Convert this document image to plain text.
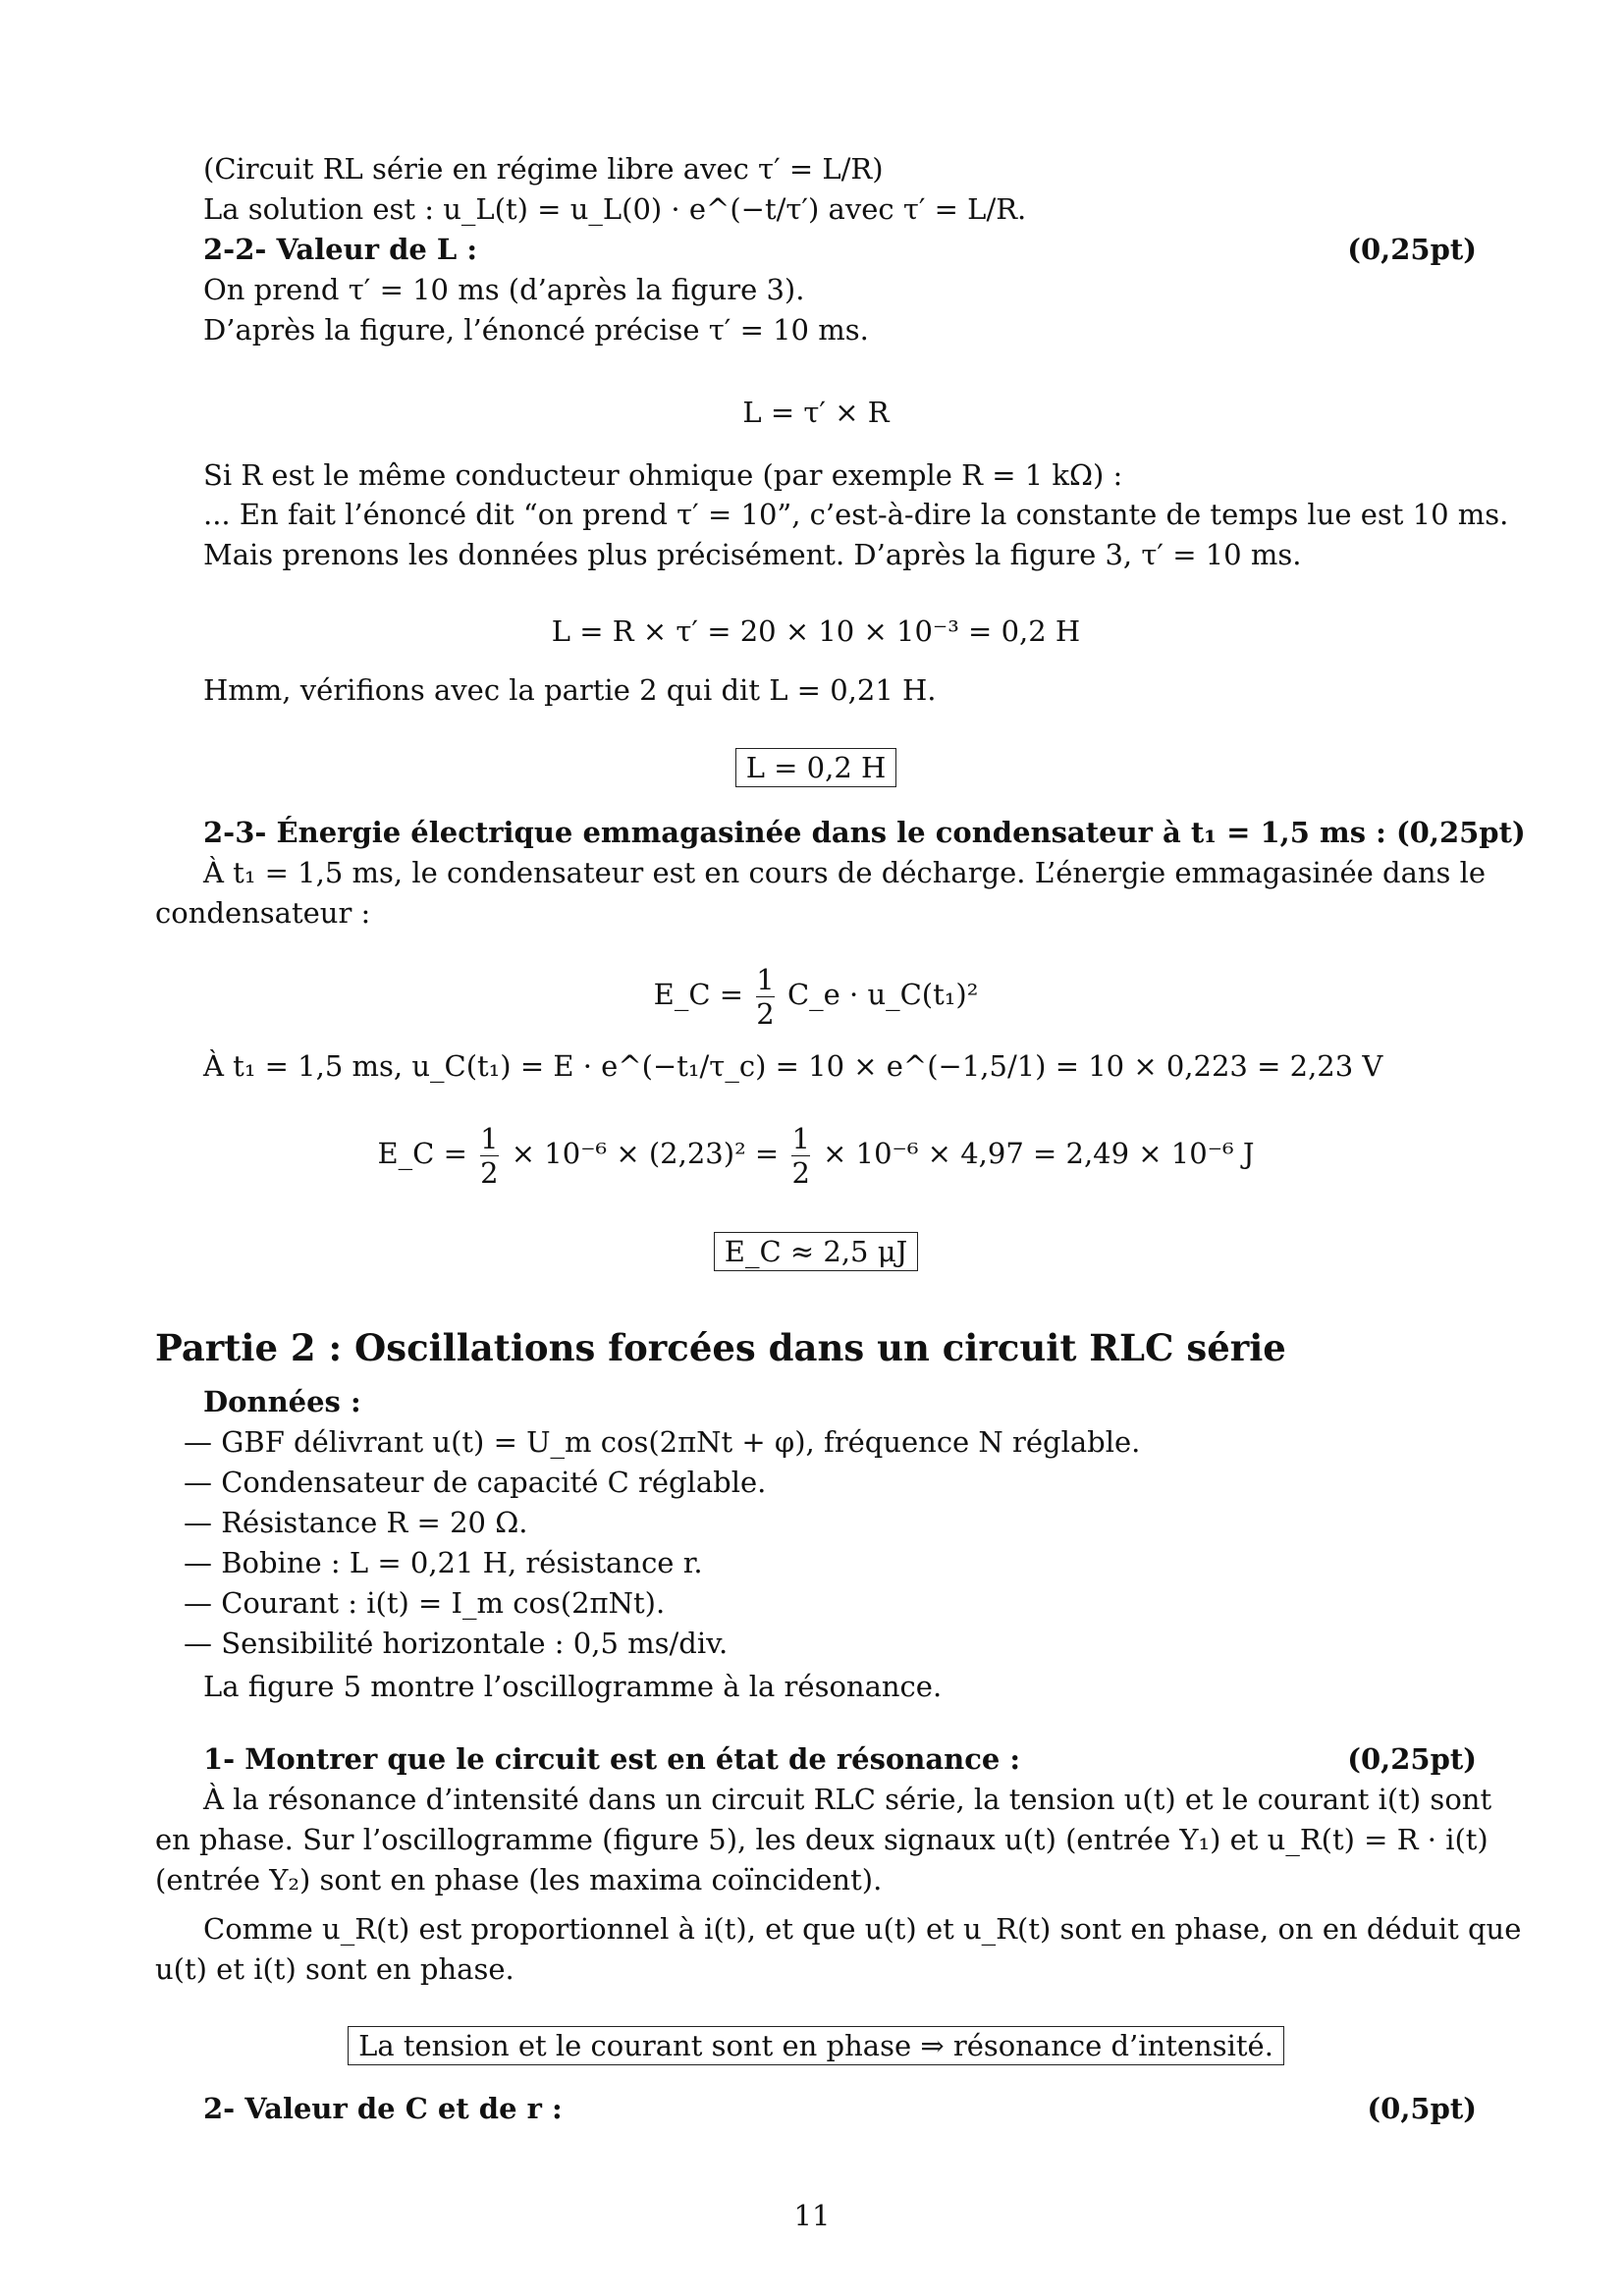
(Circuit RL série en régime libre avec τ′ = L/R)
La solution est : u_L(t) = u_L(0) · e^(−t/τ′) avec τ′ = L/R.
2-2- Valeur de L :	(0,25pt)
On prend τ′ = 10 ms (d’après la figure 3).
D’après la figure, l’énoncé précise τ′ = 10 ms.
L = τ′ × R
Si R est le même conducteur ohmique (par exemple R = 1 kΩ) :
... En fait l’énoncé dit “on prend τ′ = 10”, c’est-à-dire la constante de temps lue est 10 ms.
Mais prenons les données plus précisément. D’après la figure 3, τ′ = 10 ms.
L = R × τ′ = 20 × 10 × 10⁻³ = 0,2 H
Hmm, vérifions avec la partie 2 qui dit L = 0,21 H.
L = 0,2 H
2-3- Énergie électrique emmagasinée dans le condensateur à t₁ = 1,5 ms : (0,25pt)
À t₁ = 1,5 ms, le condensateur est en cours de décharge. L’énergie emmagasinée dans le
condensateur :
E_C = $\frac{1}{2}$ C_e · u_C(t₁)²
À t₁ = 1,5 ms, u_C(t₁) = E · e^(−t₁/τ_c) = 10 × e^(−1,5/1) = 10 × 0,223 = 2,23 V
E_C = $\frac{1}{2} \times 10^{-6} \times (2,23)^2 = \frac{1}{2} \times 10^{-6} \times 4,97 = 2,49 \times 10^{-6}$ J
E_C ≈ 2,5 μJ
Partie 2 : Oscillations forcées dans un circuit RLC série
Données :
— GBF délivrant u(t) = U_m cos(2πNt + φ), fréquence N réglable.
— Condensateur de capacité C réglable.
— Résistance R = 20 Ω.
— Bobine : L = 0,21 H, résistance r.
— Courant : i(t) = I_m cos(2πNt).
— Sensibilité horizontale : 0,5 ms/div.
La figure 5 montre l’oscillogramme à la résonance.
1- Montrer que le circuit est en état de résonance :	(0,25pt)
À la résonance d’intensité dans un circuit RLC série, la tension u(t) et le courant i(t) sont
en phase. Sur l’oscillogramme (figure 5), les deux signaux u(t) (entrée Y₁) et u_R(t) = R · i(t)
(entrée Y₂) sont en phase (les maxima coïncident).
Comme u_R(t) est proportionnel à i(t), et que u(t) et u_R(t) sont en phase, on en déduit que
u(t) et i(t) sont en phase.
La tension et le courant sont en phase ⇒ résonance d’intensité.
2- Valeur de C et de r :	(0,5pt)
11
